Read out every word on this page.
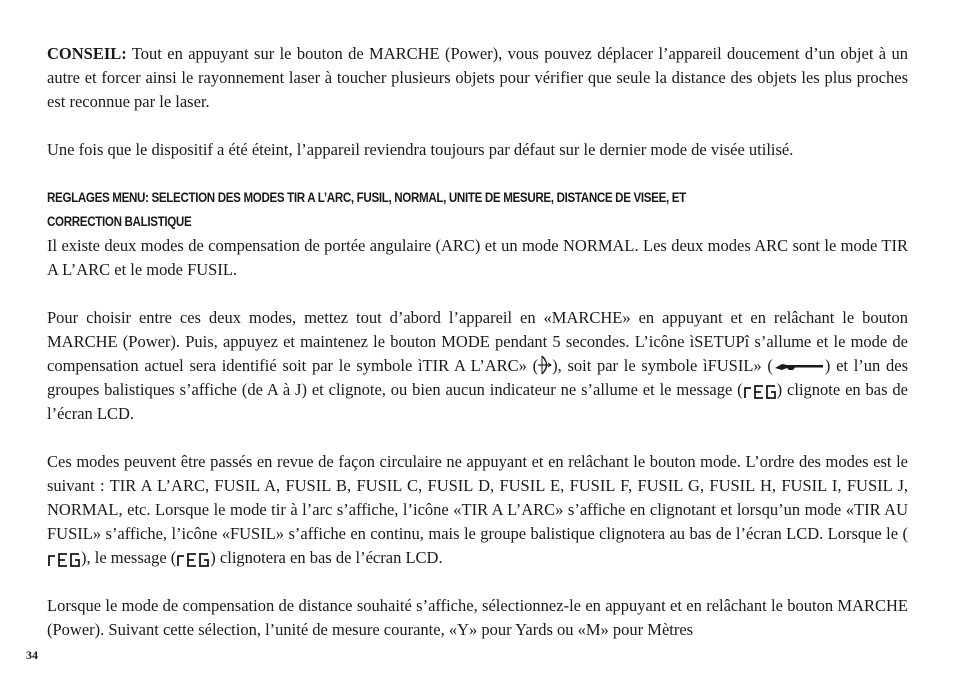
CONSEIL: Tout en appuyant sur le bouton de MARCHE (Power), vous pouvez déplacer l’appareil doucement d’un objet à un autre et forcer ainsi le rayonnement laser à toucher plusieurs objets pour vérifier que seule la distance des objets les plus proches est reconnue par le laser.

Une fois que le dispositif a été éteint, l’appareil reviendra toujours par défaut sur le dernier mode de visée utilisé.

REGLAGES MENU: SELECTION DES MODES TIR A L’ARC, FUSIL, NORMAL, UNITE DE MESURE, DISTANCE DE VISEE, ET
CORRECTION BALISTIQUE

Il existe deux modes de compensation de portée angulaire (ARC) et un mode NORMAL. Les deux modes ARC sont le mode TIR A L’ARC et le mode FUSIL.

Pour choisir entre ces deux modes, mettez tout d’abord l’appareil en «MARCHE» en appuyant et en relâchant le bouton MARCHE (Power). Puis, appuyez et maintenez le bouton MODE pendant 5 secondes. L’icône ìSETUPî s’allume et le mode de compensation actuel sera identifié soit par le symbole ìTIR A L’ARC» ( ), soit par le symbole ìFUSIL» (	) et l’un des groupes balistiques s’affiche (de A à J) et clignote, ou bien aucun indicateur ne s’allume et le message ( ) clignote en bas de l’écran LCD.

Ces modes peuvent être passés en revue de façon circulaire ne appuyant et en relâchant le bouton mode. L’ordre des modes est le suivant : TIR A L’ARC, FUSIL A, FUSIL B, FUSIL C, FUSIL D, FUSIL E, FUSIL F, FUSIL G, FUSIL H, FUSIL I, FUSIL J, NORMAL, etc. Lorsque le mode tir à l’arc s’affiche, l’icône «TIR A L’ARC» s’affiche en clignotant et lorsqu’un mode «TIR AU FUSIL» s’affiche, l’icône «FUSIL» s’affiche en continu, mais le groupe balistique clignotera au bas de l’écran LCD. Lorsque le (), le message ( ) clignotera en bas de l’écran LCD.

Lorsque le mode de compensation de distance souhaité s’affiche, sélectionnez-le en appuyant et en relâchant le bouton MARCHE (Power). Suivant cette sélection, l’unité de mesure courante, «Y» pour Yards ou «M» pour Mètres

34
